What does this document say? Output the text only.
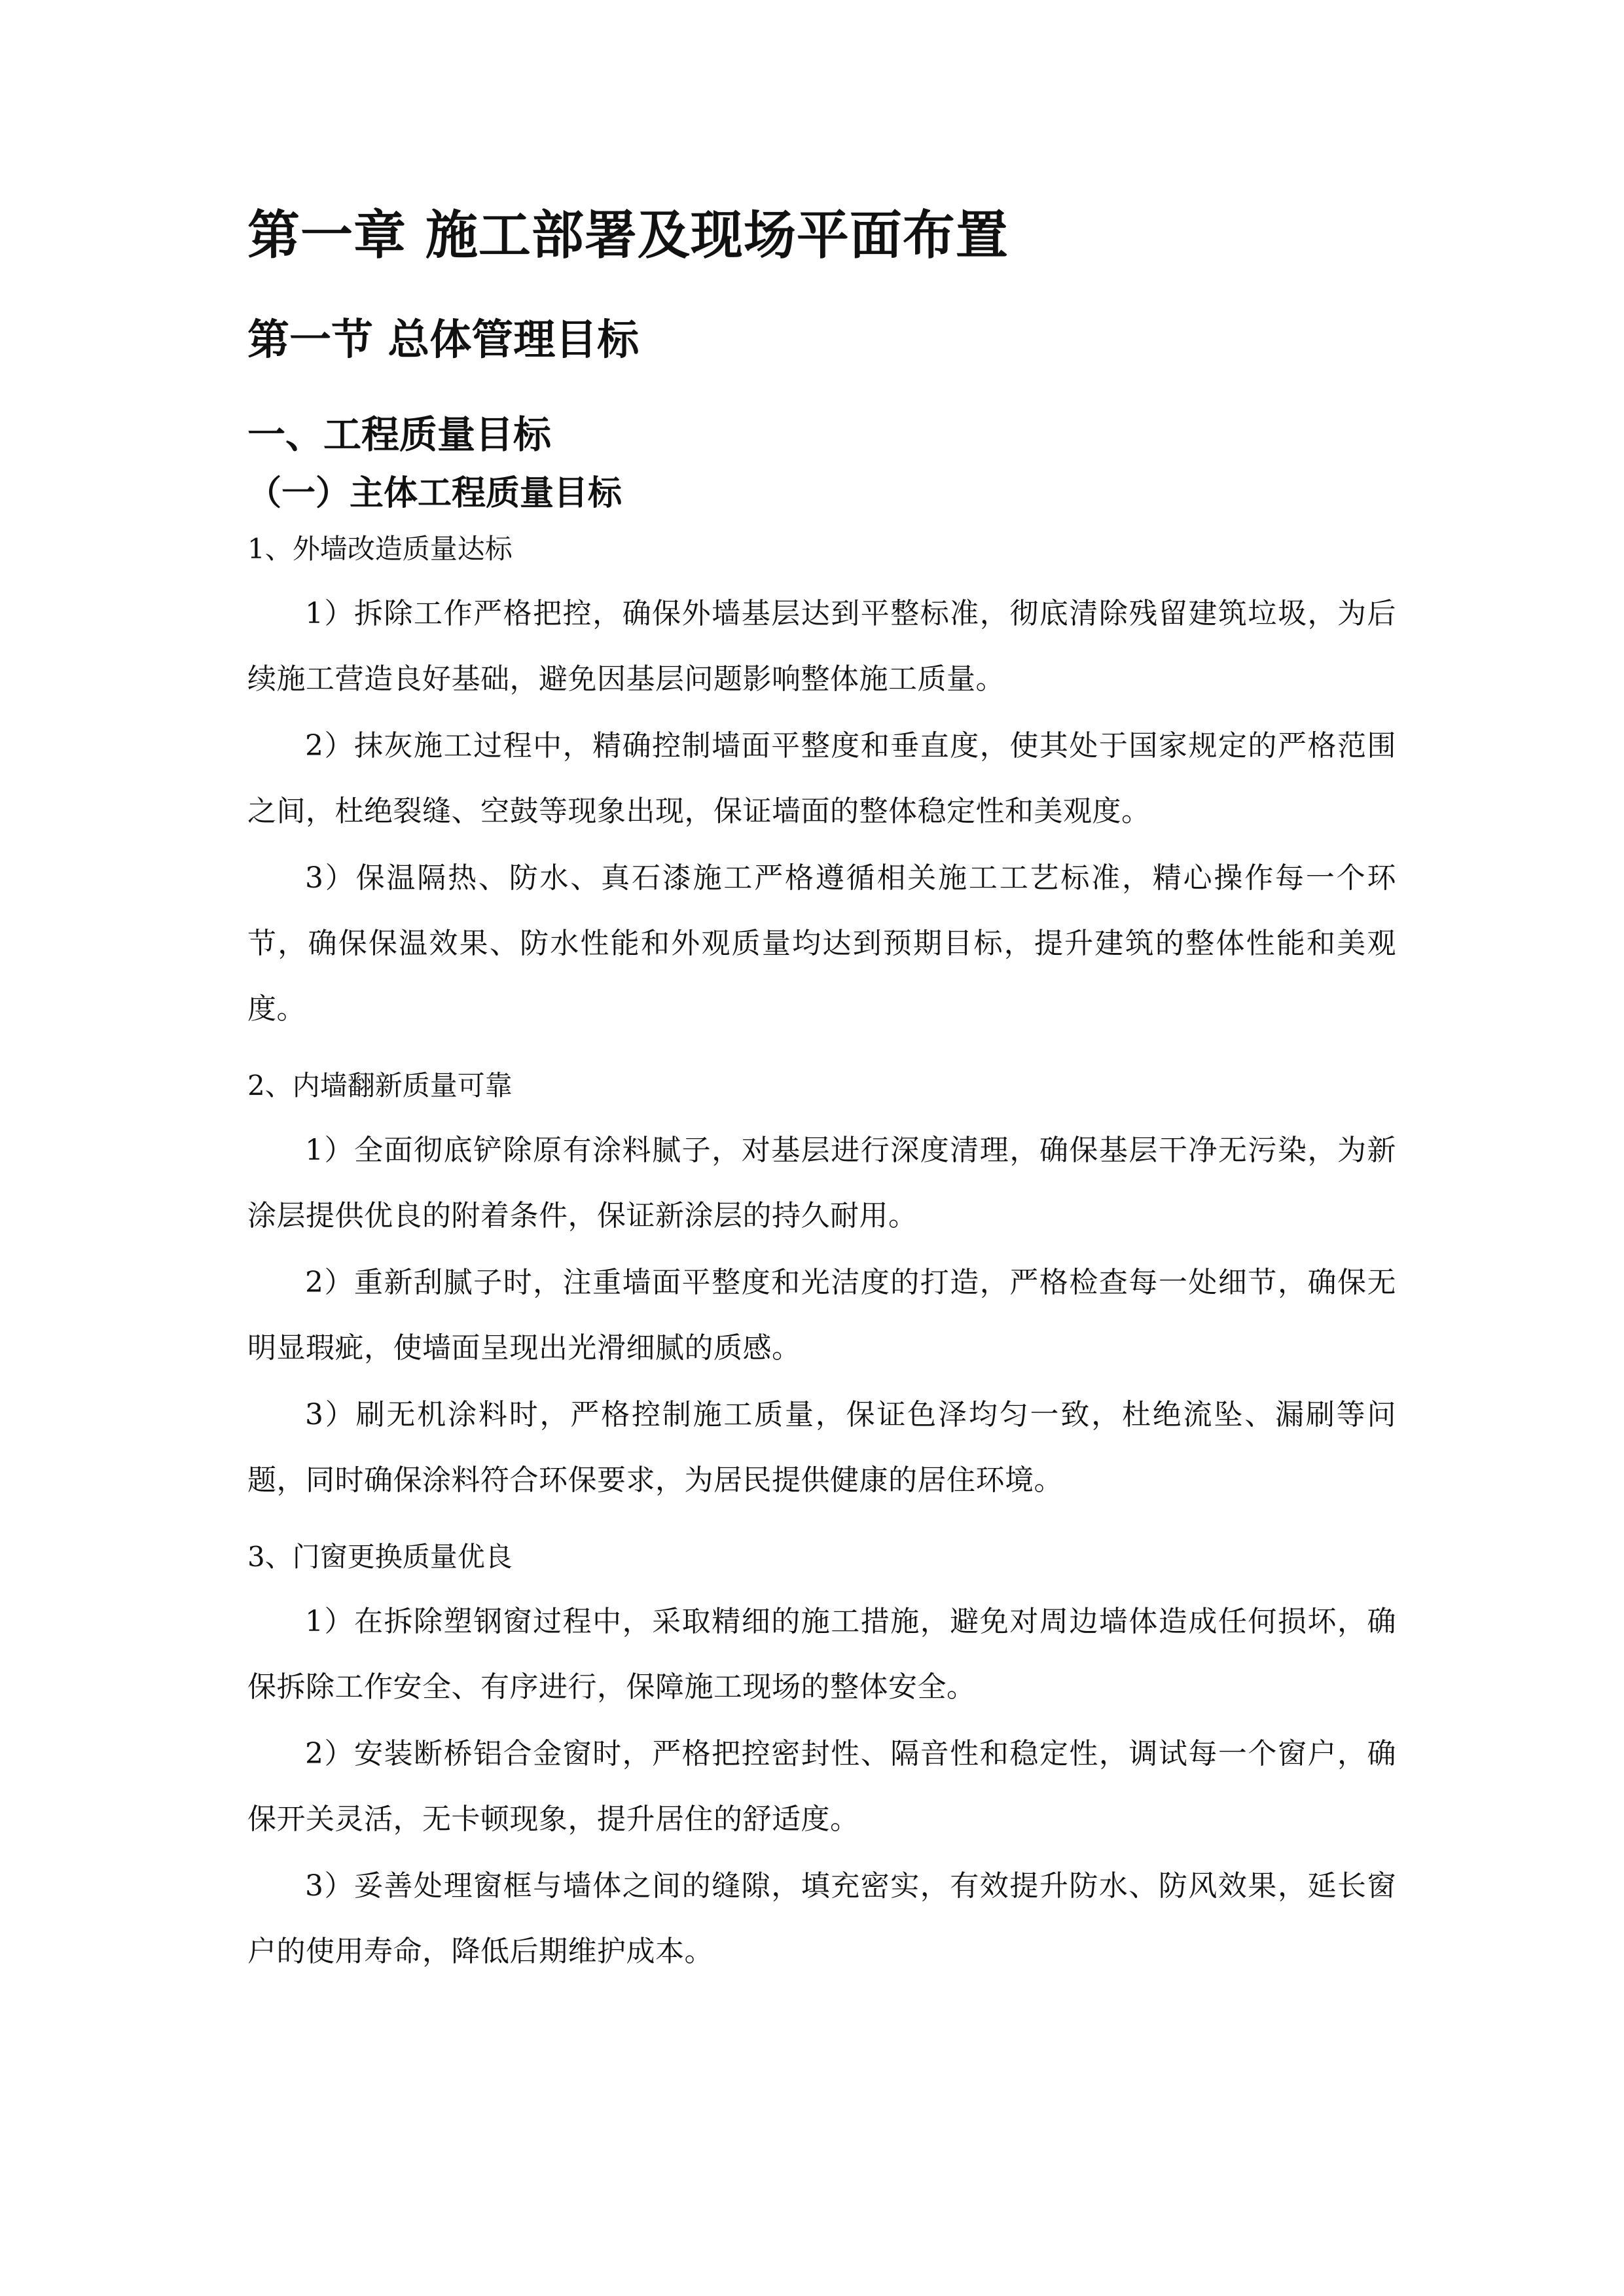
第一章 施工部署及现场平面布置
第一节 总体管理目标
一、工程质量目标
（一）主体工程质量目标
1、外墙改造质量达标

1）拆除工作严格把控，确保外墙基层达到平整标准，彻底清除残留建筑垃圾，为后续施工营造良好基础，避免因基层问题影响整体施工质量。

2）抹灰施工过程中，精确控制墙面平整度和垂直度，使其处于国家规定的严格范围之间，杜绝裂缝、空鼓等现象出现，保证墙面的整体稳定性和美观度。

3）保温隔热、防水、真石漆施工严格遵循相关施工工艺标准，精心操作每一个环节，确保保温效果、防水性能和外观质量均达到预期目标，提升建筑的整体性能和美观度。

2、内墙翻新质量可靠

1）全面彻底铲除原有涂料腻子，对基层进行深度清理，确保基层干净无污染，为新涂层提供优良的附着条件，保证新涂层的持久耐用。

2）重新刮腻子时，注重墙面平整度和光洁度的打造，严格检查每一处细节，确保无明显瑕疵，使墙面呈现出光滑细腻的质感。

3）刷无机涂料时，严格控制施工质量，保证色泽均匀一致，杜绝流坠、漏刷等问题，同时确保涂料符合环保要求，为居民提供健康的居住环境。

3、门窗更换质量优良

1）在拆除塑钢窗过程中，采取精细的施工措施，避免对周边墙体造成任何损坏，确保拆除工作安全、有序进行，保障施工现场的整体安全。

2）安装断桥铝合金窗时，严格把控密封性、隔音性和稳定性，调试每一个窗户，确保开关灵活，无卡顿现象，提升居住的舒适度。

3）妥善处理窗框与墙体之间的缝隙，填充密实，有效提升防水、防风效果，延长窗户的使用寿命，降低后期维护成本。
